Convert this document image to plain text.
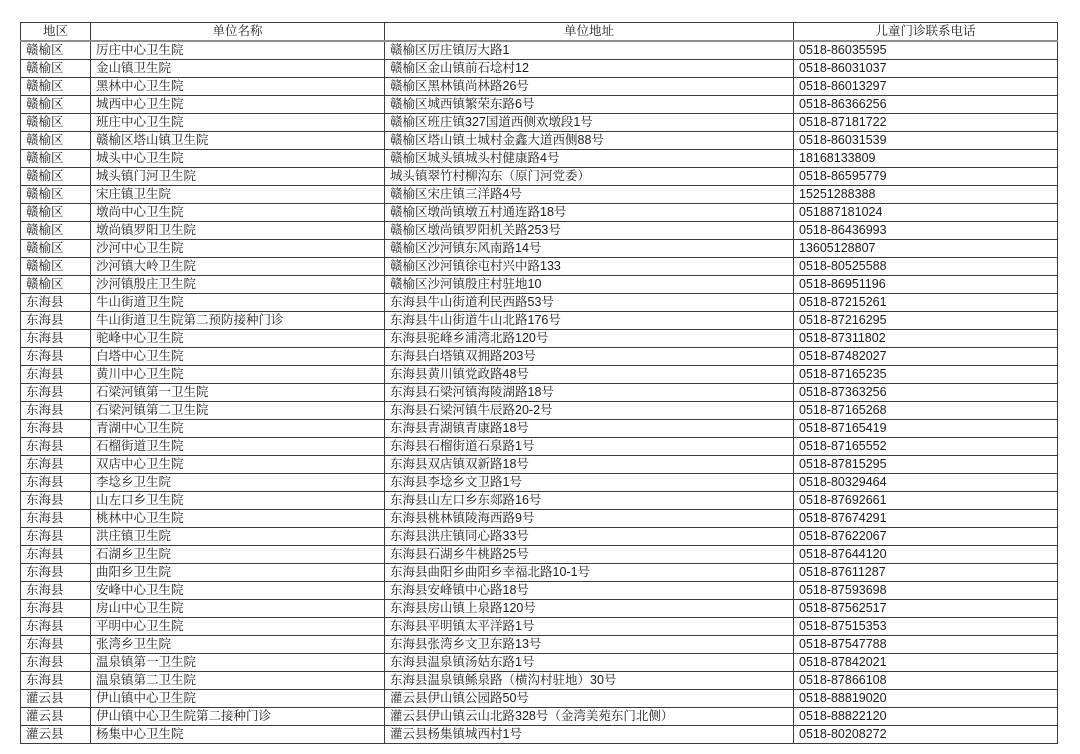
地区	单位名称	单位地址	儿童门诊联系电话
赣榆区	厉庄中心卫生院	赣榆区厉庄镇厉大路1	0518-86035595
赣榆区	金山镇卫生院	赣榆区金山镇前石埝村12	0518-86031037
赣榆区	黑林中心卫生院	赣榆区黑林镇尚林路26号	0518-86013297
赣榆区	城西中心卫生院	赣榆区城西镇繁荣东路6号	0518-86366256
赣榆区	班庄中心卫生院	赣榆区班庄镇327国道西侧欢墩段1号	0518-87181722
赣榆区	赣榆区塔山镇卫生院	赣榆区塔山镇土城村金鑫大道西侧88号	0518-86031539
赣榆区	城头中心卫生院	赣榆区城头镇城头村健康路4号	18168133809
赣榆区	城头镇门河卫生院	城头镇翠竹村柳沟东（原门河党委）	0518-86595779
赣榆区	宋庄镇卫生院	赣榆区宋庄镇三洋路4号	15251288388
赣榆区	墩尚中心卫生院	赣榆区墩尚镇墩五村通连路18号	051887181024
赣榆区	墩尚镇罗阳卫生院	赣榆区墩尚镇罗阳机关路253号	0518-86436993
赣榆区	沙河中心卫生院	赣榆区沙河镇东风南路14号	13605128807
赣榆区	沙河镇大岭卫生院	赣榆区沙河镇徐屯村兴中路133	0518-80525588
赣榆区	沙河镇殷庄卫生院	赣榆区沙河镇殷庄村驻地10	0518-86951196
东海县	牛山街道卫生院	东海县牛山街道利民西路53号	0518-87215261
东海县	牛山街道卫生院第二预防接种门诊	东海县牛山街道牛山北路176号	0518-87216295
东海县	驼峰中心卫生院	东海县驼峰乡浦湾北路120号	0518-87311802
东海县	白塔中心卫生院	东海县白塔镇双拥路203号	0518-87482027
东海县	黄川中心卫生院	东海县黄川镇党政路48号	0518-87165235
东海县	石梁河镇第一卫生院	东海县石梁河镇海陵湖路18号	0518-87363256
东海县	石梁河镇第二卫生院	东海县石梁河镇牛辰路20-2号	0518-87165268
东海县	青湖中心卫生院	东海县青湖镇青康路18号	0518-87165419
东海县	石榴街道卫生院	东海县石榴街道石泉路1号	0518-87165552
东海县	双店中心卫生院	东海县双店镇双新路18号	0518-87815295
东海县	李埝乡卫生院	东海县李埝乡文卫路1号	0518-80329464
东海县	山左口乡卫生院	东海县山左口乡东郯路16号	0518-87692661
东海县	桃林中心卫生院	东海县桃林镇陵海西路9号	0518-87674291
东海县	洪庄镇卫生院	东海县洪庄镇同心路33号	0518-87622067
东海县	石湖乡卫生院	东海县石湖乡牛桃路25号	0518-87644120
东海县	曲阳乡卫生院	东海县曲阳乡曲阳乡幸福北路10-1号	0518-87611287
东海县	安峰中心卫生院	东海县安峰镇中心路18号	0518-87593698
东海县	房山中心卫生院	东海县房山镇上泉路120号	0518-87562517
东海县	平明中心卫生院	东海县平明镇太平洋路1号	0518-87515353
东海县	张湾乡卫生院	东海县张湾乡文卫东路13号	0518-87547788
东海县	温泉镇第一卫生院	东海县温泉镇汤姑东路1号	0518-87842021
东海县	温泉镇第二卫生院	东海县温泉镇鲧泉路（横沟村驻地）30号	0518-87866108
灌云县	伊山镇中心卫生院	灌云县伊山镇公园路50号	0518-88819020
灌云县	伊山镇中心卫生院第二接种门诊	灌云县伊山镇云山北路328号（金湾美苑东门北侧）	0518-88822120
灌云县	杨集中心卫生院	灌云县杨集镇城西村1号	0518-80208272
